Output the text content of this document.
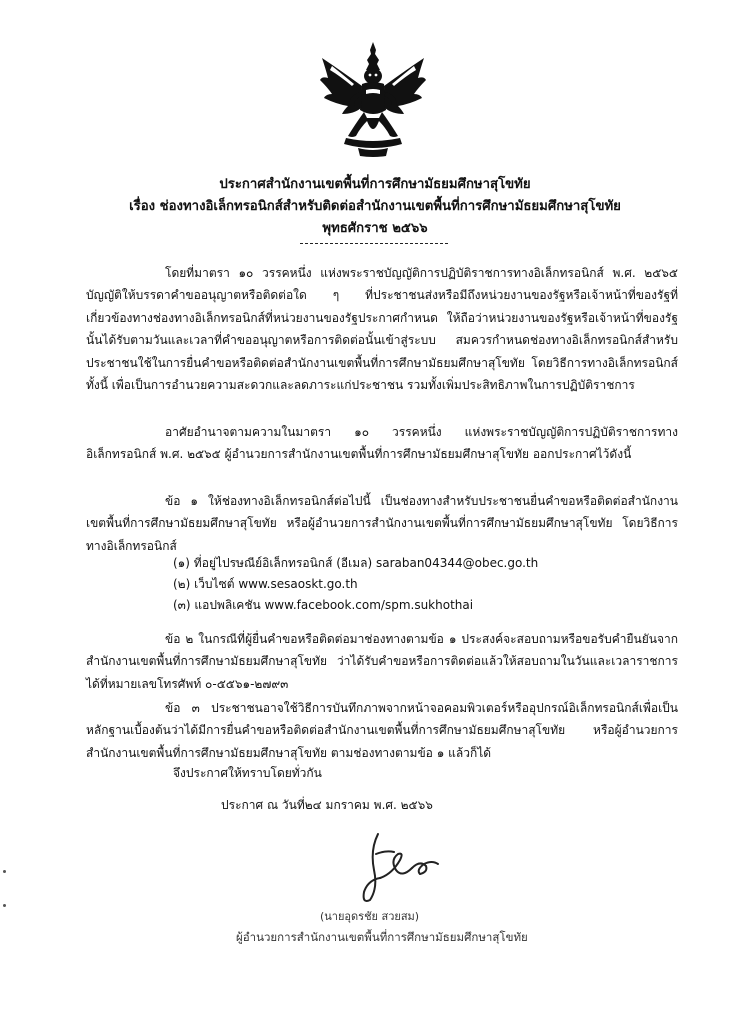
ประกาศสำนักงานเขตพื้นที่การศึกษามัธยมศึกษาสุโขทัย
เรื่อง ช่องทางอิเล็กทรอนิกส์สำหรับติดต่อสำนักงานเขตพื้นที่การศึกษามัธยมศึกษาสุโขทัย
พุทธศักราช ๒๕๖๖

โดยที่มาตรา ๑๐ วรรคหนึ่ง แห่งพระราชบัญญัติการปฏิบัติราชการทางอิเล็กทรอนิกส์ พ.ศ. ๒๕๖๕ บัญญัติให้บรรดาคำขออนุญาตหรือติดต่อใด ๆ ที่ประชาชนส่งหรือมีถึงหน่วยงานของรัฐหรือเจ้าหน้าที่ของรัฐที่เกี่ยวข้องทางช่องทางอิเล็กทรอนิกส์ที่หน่วยงานของรัฐประกาศกำหนด ให้ถือว่าหน่วยงานของรัฐหรือเจ้าหน้าที่ของรัฐนั้นได้รับตามวันและเวลาที่คำขออนุญาตหรือการติดต่อนั้นเข้าสู่ระบบ สมควรกำหนดช่องทางอิเล็กทรอนิกส์สำหรับประชาชนใช้ในการยื่นคำขอหรือติดต่อสำนักงานเขตพื้นที่การศึกษามัธยมศึกษาสุโขทัย โดยวิธีการทางอิเล็กทรอนิกส์ ทั้งนี้ เพื่อเป็นการอำนวยความสะดวกและลดภาระแก่ประชาชน รวมทั้งเพิ่มประสิทธิภาพในการปฏิบัติราชการ

อาศัยอำนาจตามความในมาตรา ๑๐ วรรคหนึ่ง แห่งพระราชบัญญัติการปฏิบัติราชการทางอิเล็กทรอนิกส์ พ.ศ. ๒๕๖๕ ผู้อำนวยการสำนักงานเขตพื้นที่การศึกษามัธยมศึกษาสุโขทัย ออกประกาศไว้ดังนี้

ข้อ ๑ ให้ช่องทางอิเล็กทรอนิกส์ต่อไปนี้ เป็นช่องทางสำหรับประชาชนยื่นคำขอหรือติดต่อสำนักงานเขตพื้นที่การศึกษามัธยมศึกษาสุโขทัย หรือผู้อำนวยการสำนักงานเขตพื้นที่การศึกษามัธยมศึกษาสุโขทัย โดยวิธีการทางอิเล็กทรอนิกส์

(๑) ที่อยู่ไปรษณีย์อิเล็กทรอนิกส์ (อีเมล) saraban04344@obec.go.th
(๒) เว็บไซต์ www.sesaoskt.go.th
(๓) แอปพลิเคชัน www.facebook.com/spm.sukhothai

ข้อ ๒ ในกรณีที่ผู้ยื่นคำขอหรือติดต่อมาช่องทางตามข้อ ๑ ประสงค์จะสอบถามหรือขอรับคำยืนยันจากสำนักงานเขตพื้นที่การศึกษามัธยมศึกษาสุโขทัย ว่าได้รับคำขอหรือการติดต่อแล้วให้สอบถามในวันและเวลาราชการได้ที่หมายเลขโทรศัพท์ ๐-๕๕๖๑-๒๗๙๓

ข้อ ๓ ประชาชนอาจใช้วิธีการบันทึกภาพจากหน้าจอคอมพิวเตอร์หรืออุปกรณ์อิเล็กทรอนิกส์เพื่อเป็นหลักฐานเบื้องต้นว่าได้มีการยื่นคำขอหรือติดต่อสำนักงานเขตพื้นที่การศึกษามัธยมศึกษาสุโขทัย หรือผู้อำนวยการสำนักงานเขตพื้นที่การศึกษามัธยมศึกษาสุโขทัย ตามช่องทางตามข้อ ๑ แล้วก็ได้

จึงประกาศให้ทราบโดยทั่วกัน
ประกาศ ณ วันที่๒๔ มกราคม พ.ศ. ๒๕๖๖
(นายอุดรชัย สวยสม)
ผู้อำนวยการสำนักงานเขตพื้นที่การศึกษามัธยมศึกษาสุโขทัย
